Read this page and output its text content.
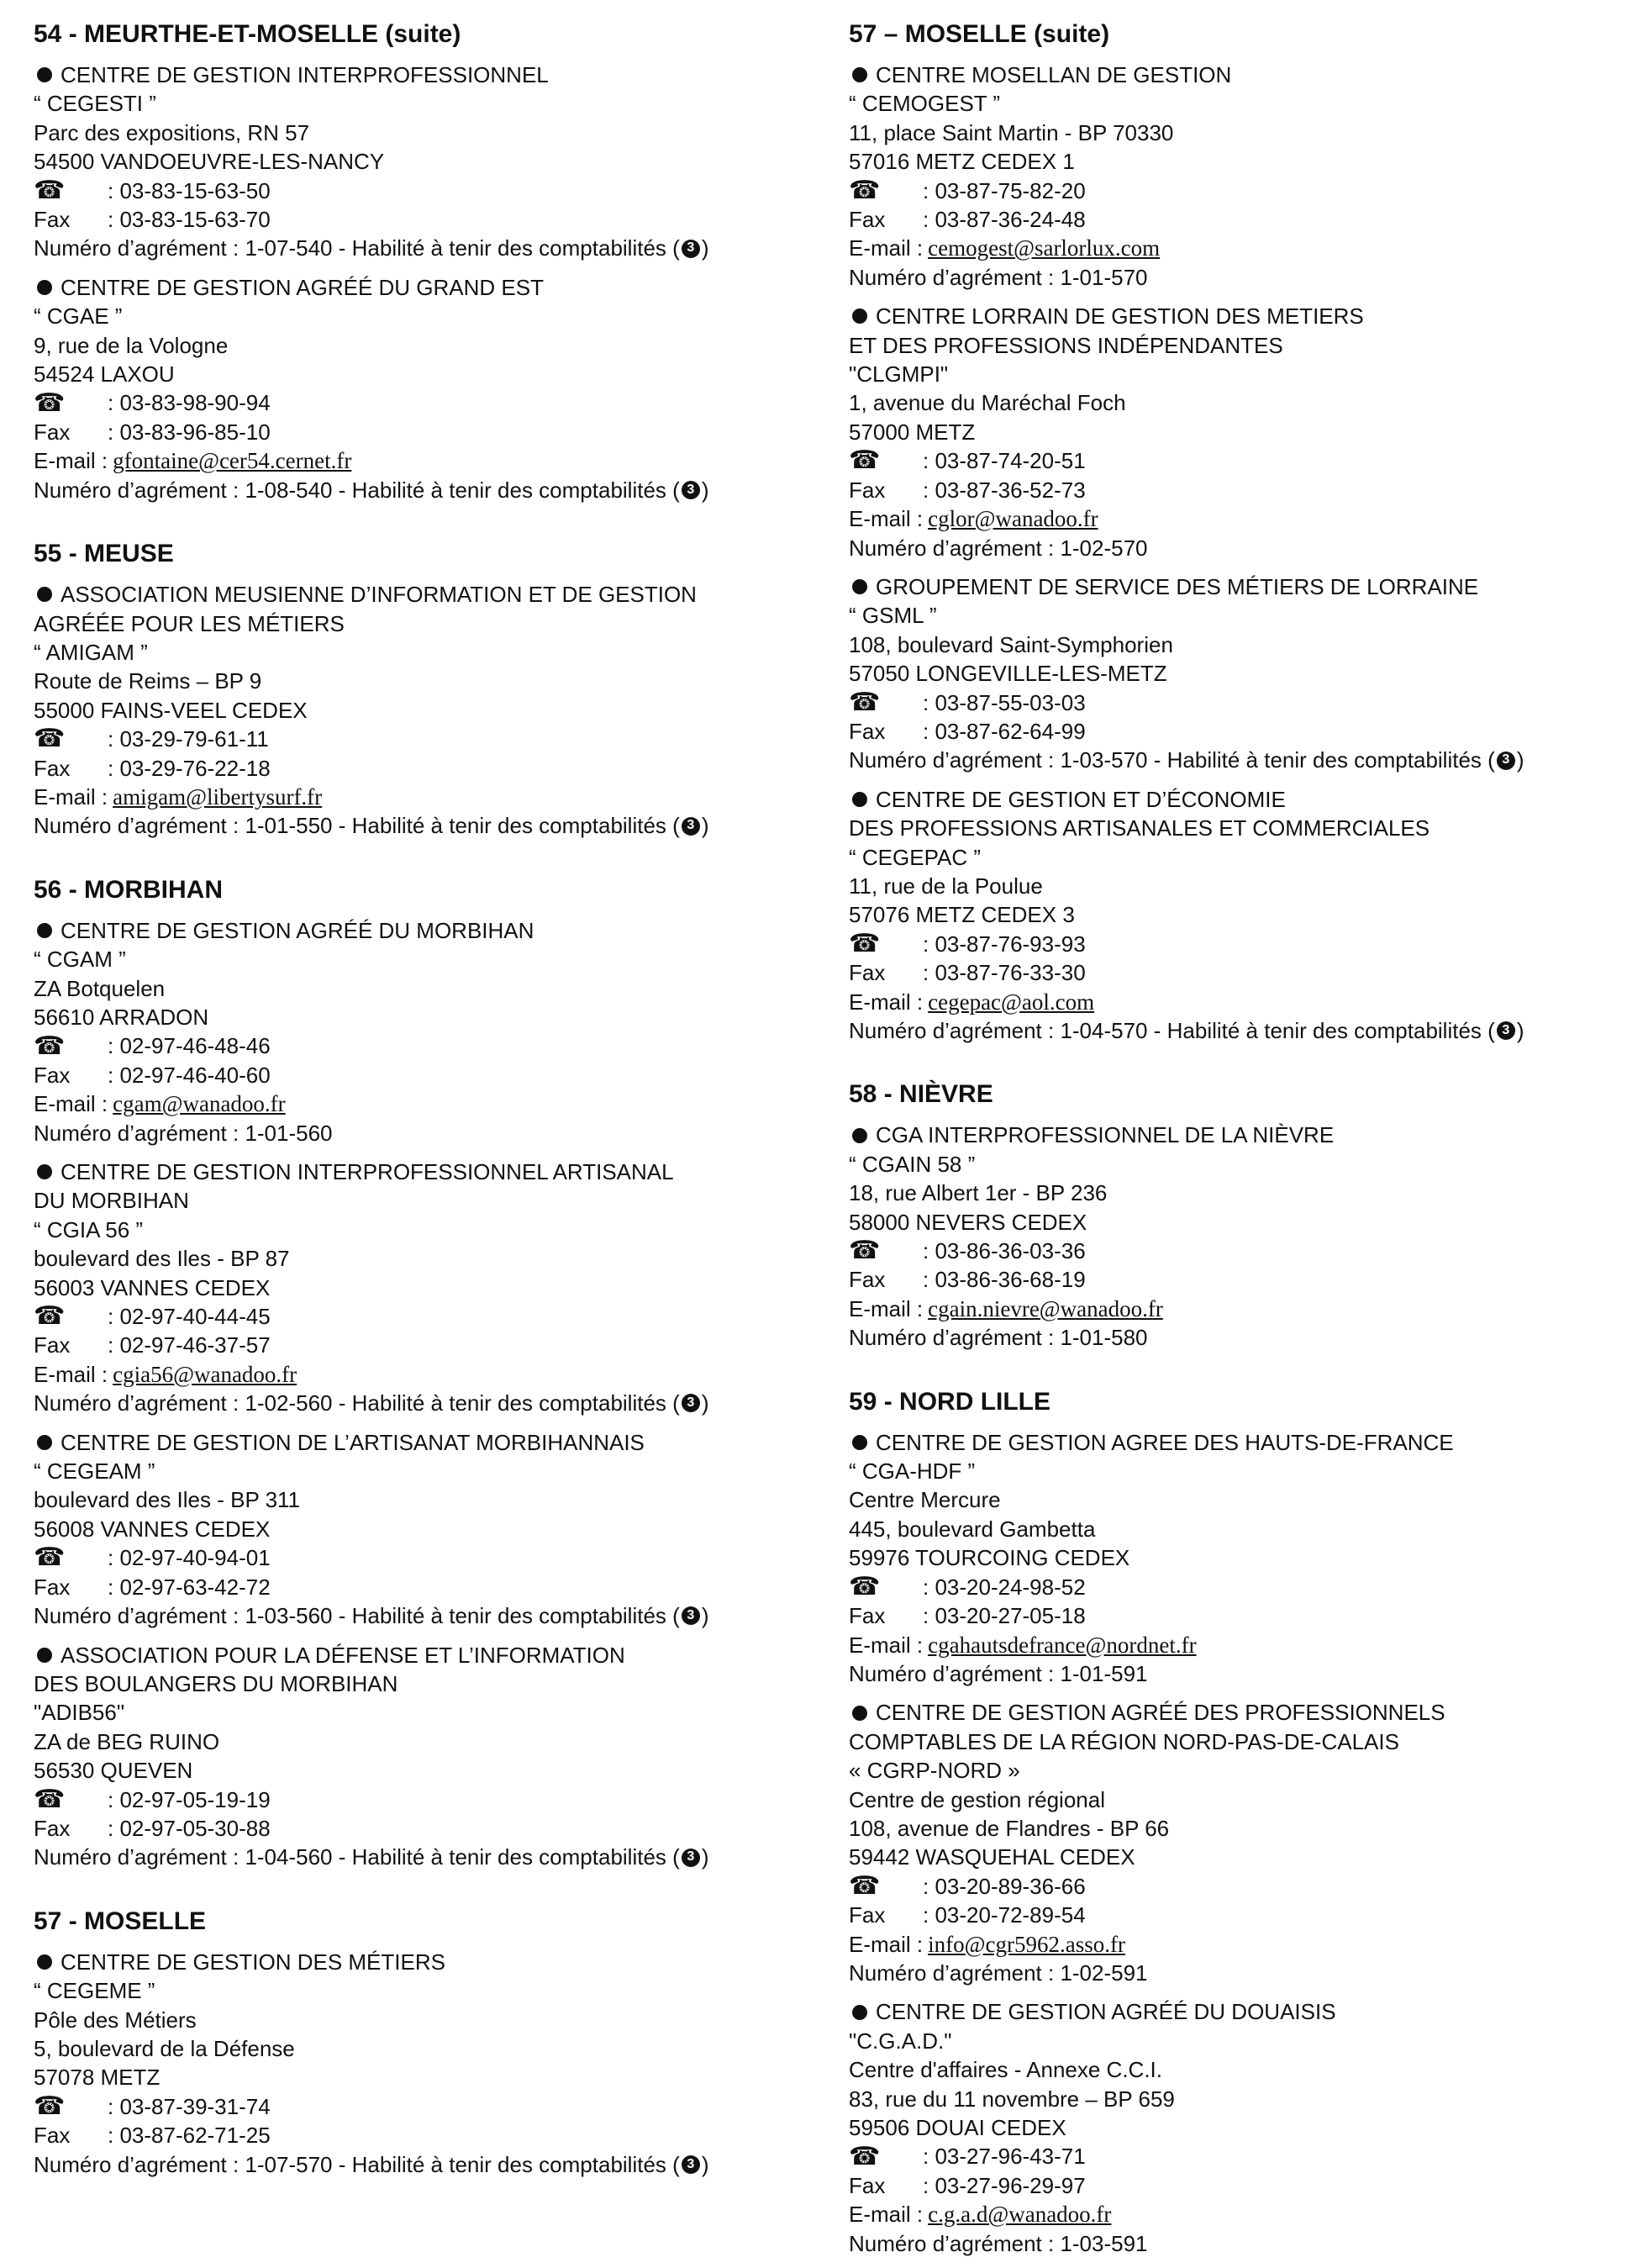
54 - MEURTHE-ET-MOSELLE (suite)
CENTRE DE GESTION INTERPROFESSIONNEL
“ CEGESTI ”
Parc des expositions, RN 57
54500 VANDOEUVRE-LES-NANCY
☎	: 03-83-15-63-50
Fax	: 03-83-15-63-70
Numéro d’agrément : 1-07-540 - Habilité à tenir des comptabilités ( 3 )
CENTRE DE GESTION AGRÉÉ DU GRAND EST
“ CGAE ”
9, rue de la Vologne
54524 LAXOU
☎	: 03-83-98-90-94
Fax	: 03-83-96-85-10
E-mail : gfontaine@cer54.cernet.fr
Numéro d’agrément : 1-08-540 - Habilité à tenir des comptabilités ( 3 )
55 - MEUSE
ASSOCIATION MEUSIENNE D’INFORMATION ET DE GESTION
AGRÉÉE POUR LES MÉTIERS
“ AMIGAM ”
Route de Reims – BP 9
55000 FAINS-VEEL CEDEX
☎	: 03-29-79-61-11
Fax	: 03-29-76-22-18
E-mail : amigam@libertysurf.fr
Numéro d’agrément : 1-01-550 - Habilité à tenir des comptabilités ( 3 )
56 - MORBIHAN
CENTRE DE GESTION AGRÉÉ DU MORBIHAN
“ CGAM ”
ZA Botquelen
56610 ARRADON
☎	: 02-97-46-48-46
Fax	: 02-97-46-40-60
E-mail : cgam@wanadoo.fr
Numéro d’agrément : 1-01-560
CENTRE DE GESTION INTERPROFESSIONNEL ARTISANAL
DU MORBIHAN
“ CGIA 56 ”
boulevard des Iles - BP 87
56003 VANNES CEDEX
☎	: 02-97-40-44-45
Fax	: 02-97-46-37-57
E-mail : cgia56@wanadoo.fr
Numéro d’agrément : 1-02-560 - Habilité à tenir des comptabilités ( 3 )
CENTRE DE GESTION DE L’ARTISANAT MORBIHANNAIS
“ CEGEAM ”
boulevard des Iles - BP 311
56008 VANNES CEDEX
☎	: 02-97-40-94-01
Fax	: 02-97-63-42-72
Numéro d’agrément : 1-03-560 - Habilité à tenir des comptabilités ( 3 )
ASSOCIATION POUR LA DÉFENSE ET L’INFORMATION
DES BOULANGERS DU MORBIHAN
"ADIB56"
ZA de BEG RUINO
56530 QUEVEN
☎	: 02-97-05-19-19
Fax	: 02-97-05-30-88
Numéro d’agrément : 1-04-560 - Habilité à tenir des comptabilités ( 3 )
57 - MOSELLE
CENTRE DE GESTION DES MÉTIERS
“ CEGEME ”
Pôle des Métiers
5, boulevard de la Défense
57078 METZ
☎	: 03-87-39-31-74
Fax	: 03-87-62-71-25
Numéro d’agrément : 1-07-570 - Habilité à tenir des comptabilités ( 3 )
57 – MOSELLE (suite)
CENTRE MOSELLAN DE GESTION
“ CEMOGEST ”
11, place Saint Martin - BP 70330
57016 METZ CEDEX 1
☎	: 03-87-75-82-20
Fax	: 03-87-36-24-48
E-mail : cemogest@sarlorlux.com
Numéro d’agrément : 1-01-570
CENTRE LORRAIN DE GESTION DES METIERS
ET DES PROFESSIONS INDÉPENDANTES
"CLGMPI"
1, avenue du Maréchal Foch
57000 METZ
☎	: 03-87-74-20-51
Fax	: 03-87-36-52-73
E-mail : cglor@wanadoo.fr
Numéro d’agrément : 1-02-570
GROUPEMENT DE SERVICE DES MÉTIERS DE LORRAINE
“ GSML ”
108, boulevard Saint-Symphorien
57050 LONGEVILLE-LES-METZ
☎	: 03-87-55-03-03
Fax	: 03-87-62-64-99
Numéro d’agrément : 1-03-570 - Habilité à tenir des comptabilités ( 3 )
CENTRE DE GESTION ET D’ÉCONOMIE
DES PROFESSIONS ARTISANALES ET COMMERCIALES
“ CEGEPAC ”
11, rue de la Poulue
57076 METZ CEDEX 3
☎	: 03-87-76-93-93
Fax	: 03-87-76-33-30
E-mail : cegepac@aol.com
Numéro d’agrément : 1-04-570 - Habilité à tenir des comptabilités ( 3 )
58 - NIÈVRE
CGA INTERPROFESSIONNEL DE LA NIÈVRE
“ CGAIN 58 ”
18, rue Albert 1er - BP 236
58000 NEVERS CEDEX
☎	: 03-86-36-03-36
Fax	: 03-86-36-68-19
E-mail : cgain.nievre@wanadoo.fr
Numéro d’agrément : 1-01-580
59 - NORD LILLE
CENTRE DE GESTION AGREE DES HAUTS-DE-FRANCE
“ CGA-HDF ”
Centre Mercure
445, boulevard Gambetta
59976 TOURCOING CEDEX
☎	: 03-20-24-98-52
Fax	: 03-20-27-05-18
E-mail : cgahautsdefrance@nordnet.fr
Numéro d’agrément : 1-01-591
CENTRE DE GESTION AGRÉÉ DES PROFESSIONNELS
COMPTABLES DE LA RÉGION NORD-PAS-DE-CALAIS
« CGRP-NORD »
Centre de gestion régional
108, avenue de Flandres - BP 66
59442 WASQUEHAL CEDEX
☎	: 03-20-89-36-66
Fax	: 03-20-72-89-54
E-mail : info@cgr5962.asso.fr
Numéro d’agrément : 1-02-591
CENTRE DE GESTION AGRÉÉ DU DOUAISIS
"C.G.A.D."
Centre d'affaires - Annexe C.C.I.
83, rue du 11 novembre – BP 659
59506 DOUAI CEDEX
☎	: 03-27-96-43-71
Fax	: 03-27-96-29-97
E-mail : c.g.a.d@wanadoo.fr
Numéro d’agrément : 1-03-591
